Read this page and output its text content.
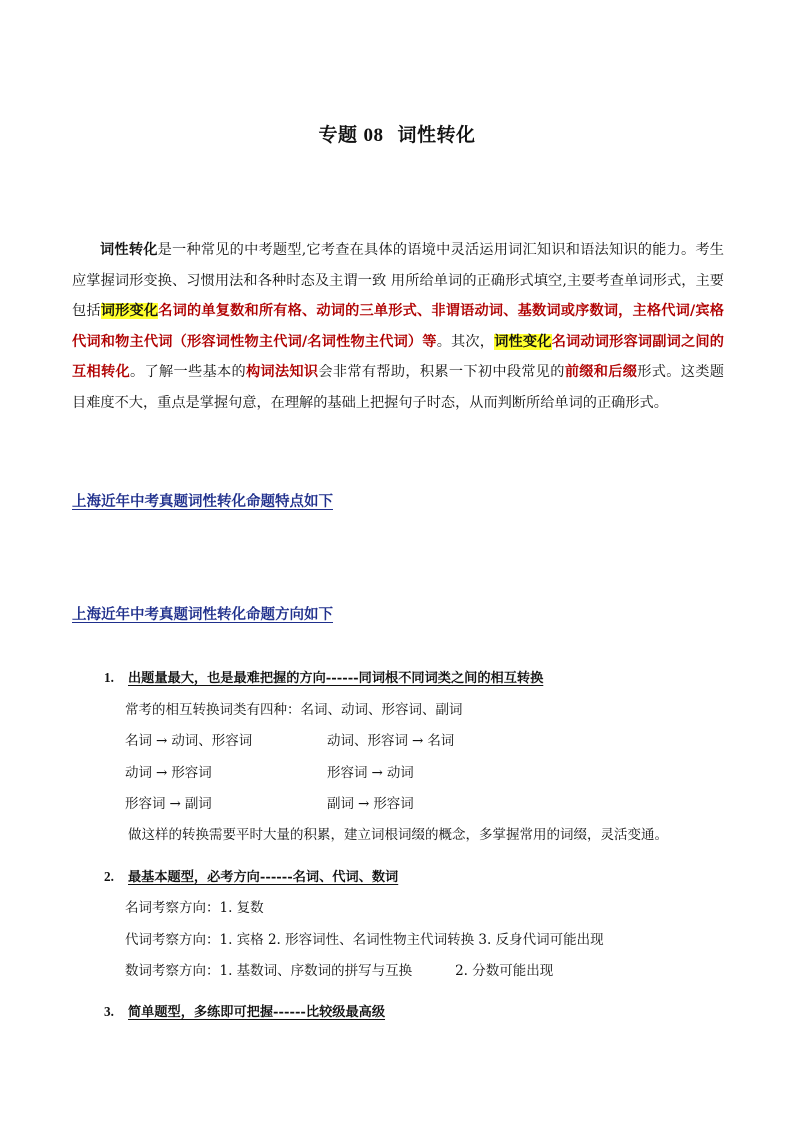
专题 08 词性转化

词性转化是一种常见的中考题型,它考查在具体的语境中灵活运用词汇知识和语法知识的能力。考生应掌握词形变换、习惯用法和各种时态及主谓一致 用所给单词的正确形式填空,主要考查单词形式，主要包括词形变化名词的单复数和所有格、动词的三单形式、非谓语动词、基数词或序数词，主格代词/宾格代词和物主代词（形容词性物主代词/名词性物主代词）等。其次，词性变化名词动词形容词副词之间的互相转化。了解一些基本的构词法知识会非常有帮助，积累一下初中段常见的前缀和后缀形式。这类题目难度不大，重点是掌握句意，在理解的基础上把握句子时态，从而判断所给单词的正确形式。

上海近年中考真题词性转化命题特点如下
上海近年中考真题词性转化命题方向如下
1. 出题量最大，也是最难把握的方向------同词根不同词类之间的相互转换
常考的相互转换词类有四种：名词、动词、形容词、副词
名词 → 动词、形容词	动词、形容词 → 名词
动词 → 形容词	形容词 → 动词
形容词 → 副词	副词 → 形容词
做这样的转换需要平时大量的积累，建立词根词缀的概念，多掌握常用的词缀，灵活变通。
2. 最基本题型，必考方向------名词、代词、数词
名词考察方向：1. 复数
代词考察方向：1. 宾格 2. 形容词性、名词性物主代词转换 3. 反身代词可能出现
数词考察方向：1. 基数词、序数词的拼写与互换          2. 分数可能出现
3. 简单题型，多练即可把握------比较级最高级
